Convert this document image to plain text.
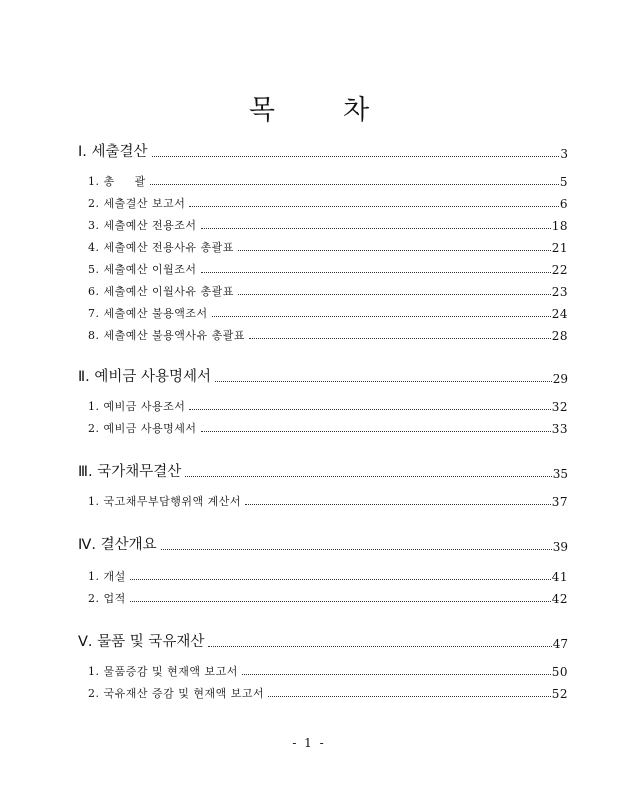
목	차
Ⅰ. 세출결산	3
1. 총     괄	5
2. 세출결산 보고서	6
3. 세출예산 전용조서	18
4. 세출예산 전용사유 총괄표	21
5. 세출예산 이월조서	22
6. 세출예산 이월사유 총괄표	23
7. 세출예산 불용액조서	24
8. 세출예산 불용액사유 총괄표	28
Ⅱ. 예비금 사용명세서	29
1. 예비금 사용조서	32
2. 예비금 사용명세서	33
Ⅲ. 국가채무결산	35
1. 국고채무부담행위액 계산서	37
Ⅳ. 결산개요	39
1. 개설	41
2. 업적	42
Ⅴ. 물품 및 국유재산	47
1. 물품증감 및 현재액 보고서	50
2. 국유재산 증감 및 현재액 보고서	52
- 1 -
